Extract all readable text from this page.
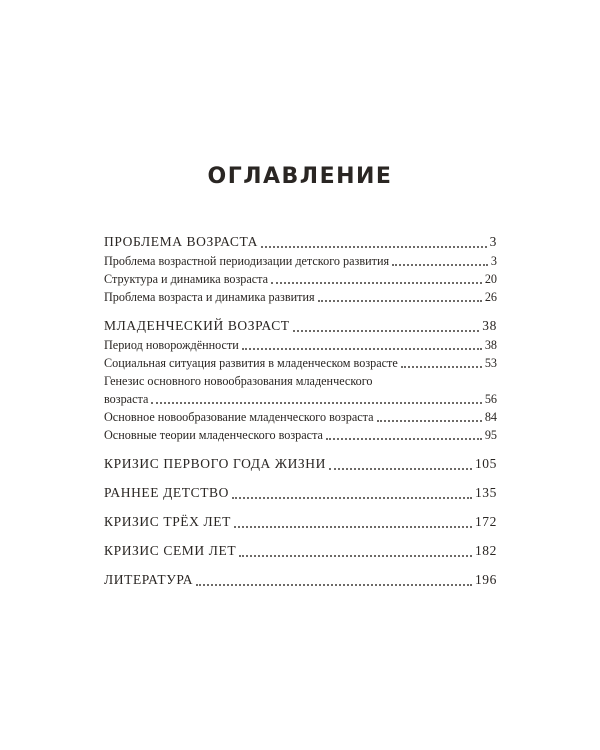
ОГЛАВЛЕНИЕ
ПРОБЛЕМА ВОЗРАСТА	3
Проблема возрастной периодизации детского развития	3
Структура и динамика возраста	20
Проблема возраста и динамика развития	26
МЛАДЕНЧЕСКИЙ ВОЗРАСТ	38
Период новорождённости	38
Социальная ситуация развития в младенческом возрасте	53
Генезис основного новообразования младенческого
возраста	56
Основное новообразование младенческого возраста	84
Основные теории младенческого возраста	95
КРИЗИС ПЕРВОГО ГОДА ЖИЗНИ	105
РАННЕЕ ДЕТСТВО	135
КРИЗИС ТРЁХ ЛЕТ	172
КРИЗИС СЕМИ ЛЕТ	182
ЛИТЕРАТУРА	196
